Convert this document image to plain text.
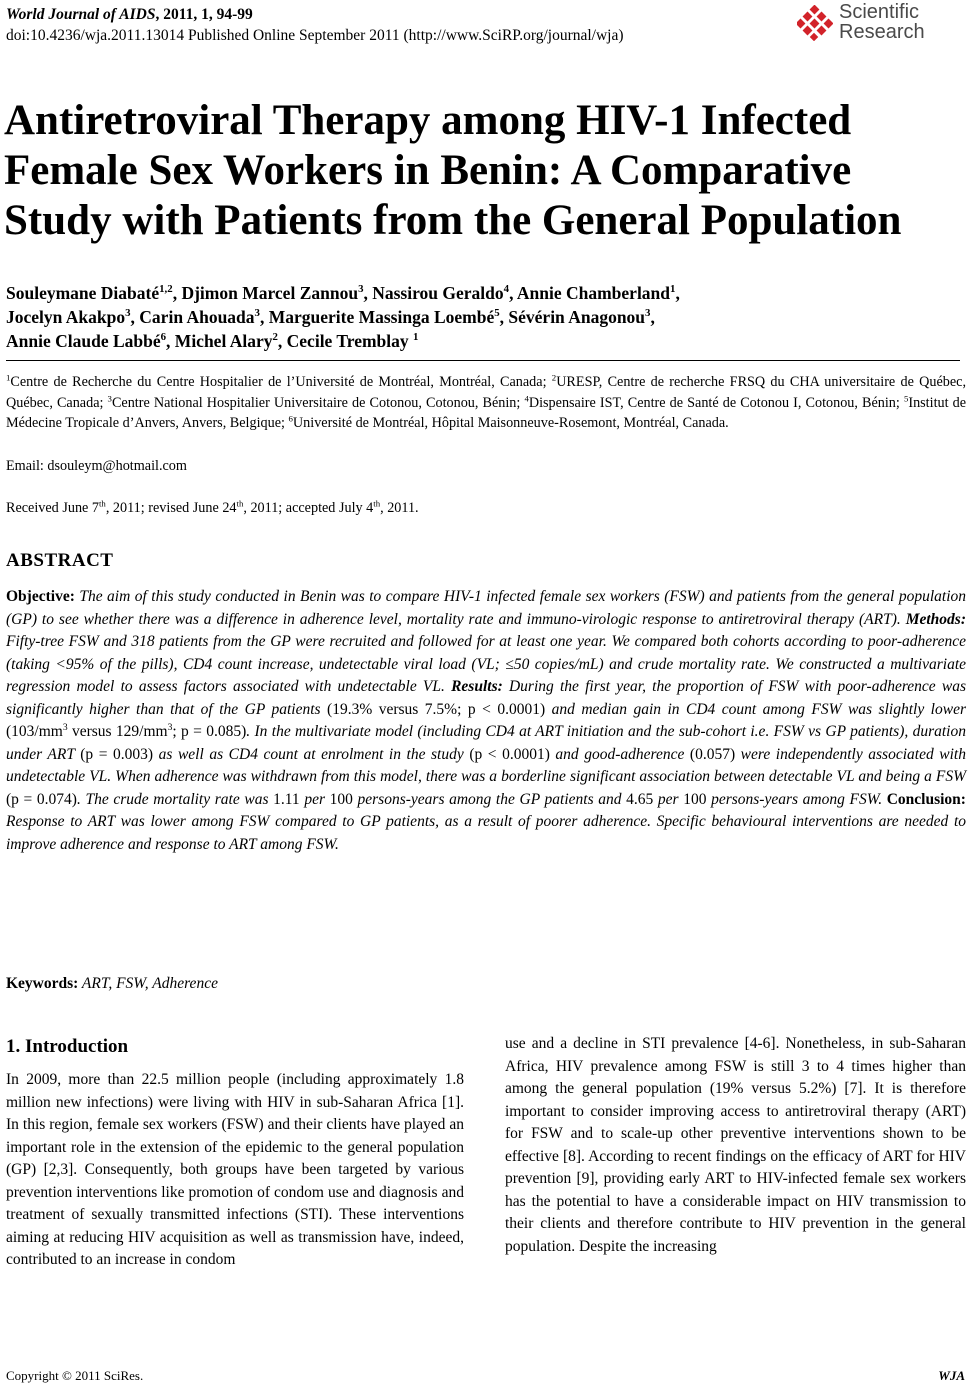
World Journal of AIDS, 2011, 1, 94-99
doi:10.4236/wja.2011.13014 Published Online September 2011 (http://www.SciRP.org/journal/wja)
Scientific
Research
Antiretroviral Therapy among HIV-1 Infected Female Sex Workers in Benin: A Comparative Study with Patients from the General Population
Souleymane Diabaté$^{1,2}$, Djimon Marcel Zannou$^3$, Nassirou Geraldo$^4$, Annie Chamberland$^1$,
Jocelyn Akakpo$^3$, Carin Ahouada$^3$, Marguerite Massinga Loembé$^5$, Sévérin Anagonou$^3$,
Annie Claude Labbé$^6$, Michel Alary$^2$, Cecile Tremblay $^1$
$^1$Centre de Recherche du Centre Hospitalier de l’Université de Montréal, Montréal, Canada; $^2$URESP, Centre de recherche FRSQ du CHA universitaire de Québec, Québec, Canada; $^3$Centre National Hospitalier Universitaire de Cotonou, Cotonou, Bénin; $^4$Dispensaire IST, Centre de Santé de Cotonou I, Cotonou, Bénin; $^5$Institut de Médecine Tropicale d’Anvers, Anvers, Belgique; $^6$Université de Montréal, Hôpital Maisonneuve-Rosemont, Montréal, Canada.
Email: dsouleym@hotmail.com
Received June 7th, 2011; revised June 24th, 2011; accepted July 4th, 2011.
ABSTRACT
Objective: The aim of this study conducted in Benin was to compare HIV-1 infected female sex workers (FSW) and patients from the general population (GP) to see whether there was a difference in adherence level, mortality rate and immuno-virologic response to antiretroviral therapy (ART). Methods: Fifty-tree FSW and 318 patients from the GP were recruited and followed for at least one year. We compared both cohorts according to poor-adherence (taking <95% of the pills), CD4 count increase, undetectable viral load (VL; ≤50 copies/mL) and crude mortality rate. We constructed a multivariate regression model to assess factors associated with undetectable VL. Results: During the first year, the proportion of FSW with poor-adherence was significantly higher than that of the GP patients (19.3% versus 7.5%; p < 0.0001) and median gain in CD4 count among FSW was slightly lower ($103/mm^3$ versus $129/mm^3$; p = 0.085). In the multivariate model (including CD4 at ART initiation and the sub-cohort i.e. FSW vs GP patients), duration under ART (p = 0.003) as well as CD4 count at enrolment in the study (p < 0.0001) and good-adherence (0.057) were independently associated with undetectable VL. When adherence was withdrawn from this model, there was a borderline significant association between detectable VL and being a FSW (p = 0.074). The crude mortality rate was 1.11 per 100 persons-years among the GP patients and 4.65 per 100 persons-years among FSW. Conclusion: Response to ART was lower among FSW compared to GP patients, as a result of poorer adherence. Specific behavioural interventions are needed to improve adherence and response to ART among FSW.
Keywords: ART, FSW, Adherence
1. Introduction
In 2009, more than 22.5 million people (including approximately 1.8 million new infections) were living with HIV in sub-Saharan Africa [1]. In this region, female sex workers (FSW) and their clients have played an important role in the extension of the epidemic to the general population (GP) [2,3]. Consequently, both groups have been targeted by various prevention interventions like promotion of condom use and diagnosis and treatment of sexually transmitted infections (STI). These interventions aiming at reducing HIV acquisition as well as transmission have, indeed, contributed to an increase in condom
use and a decline in STI prevalence [4-6]. Nonetheless, in sub-Saharan Africa, HIV prevalence among FSW is still 3 to 4 times higher than among the general population (19% versus 5.2%) [7]. It is therefore important to consider improving access to antiretroviral therapy (ART) for FSW and to scale-up other preventive interventions shown to be effective [8]. According to recent findings on the efficacy of ART for HIV prevention [9], providing early ART to HIV-infected female sex workers has the potential to have a considerable impact on HIV transmission to their clients and therefore contribute to HIV prevention in the general population. Despite the increasing
Copyright © 2011 SciRes.	WJA
